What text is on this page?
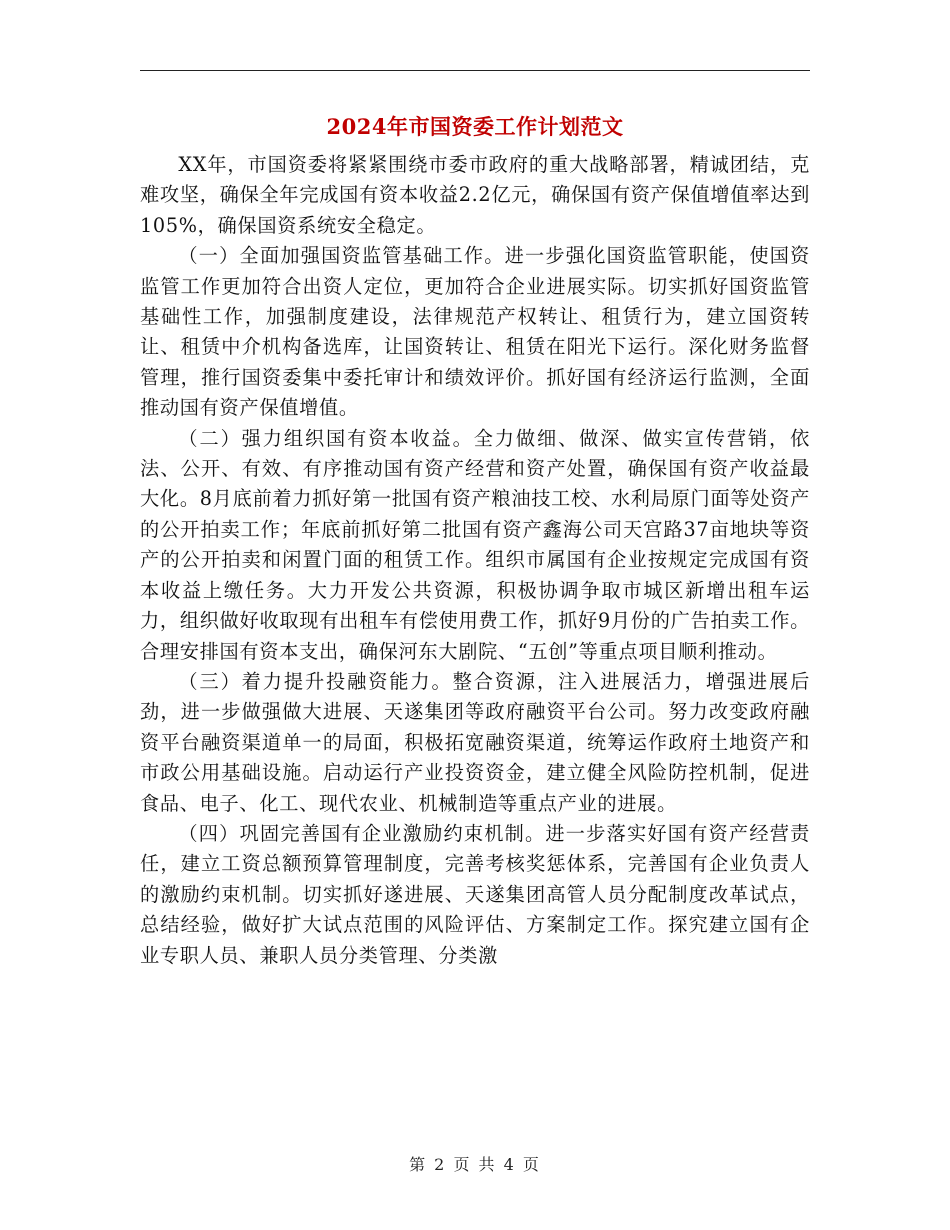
2024年市国资委工作计划范文

XX年，市国资委将紧紧围绕市委市政府的重大战略部署，精诚团结，克难攻坚，确保全年完成国有资本收益2.2亿元，确保国有资产保值增值率达到105%，确保国资系统安全稳定。

（一）全面加强国资监管基础工作。进一步强化国资监管职能，使国资监管工作更加符合出资人定位，更加符合企业进展实际。切实抓好国资监管基础性工作，加强制度建设，法律规范产权转让、租赁行为，建立国资转让、租赁中介机构备选库，让国资转让、租赁在阳光下运行。深化财务监督管理，推行国资委集中委托审计和绩效评价。抓好国有经济运行监测，全面推动国有资产保值增值。

（二）强力组织国有资本收益。全力做细、做深、做实宣传营销，依法、公开、有效、有序推动国有资产经营和资产处置，确保国有资产收益最大化。8月底前着力抓好第一批国有资产粮油技工校、水利局原门面等处资产的公开拍卖工作；年底前抓好第二批国有资产鑫海公司天宫路37亩地块等资产的公开拍卖和闲置门面的租赁工作。组织市属国有企业按规定完成国有资本收益上缴任务。大力开发公共资源，积极协调争取市城区新增出租车运力，组织做好收取现有出租车有偿使用费工作，抓好9月份的广告拍卖工作。合理安排国有资本支出，确保河东大剧院、“五创”等重点项目顺利推动。

（三）着力提升投融资能力。整合资源，注入进展活力，增强进展后劲，进一步做强做大进展、天遂集团等政府融资平台公司。努力改变政府融资平台融资渠道单一的局面，积极拓宽融资渠道，统筹运作政府土地资产和市政公用基础设施。启动运行产业投资资金，建立健全风险防控机制，促进食品、电子、化工、现代农业、机械制造等重点产业的进展。

（四）巩固完善国有企业激励约束机制。进一步落实好国有资产经营责任，建立工资总额预算管理制度，完善考核奖惩体系，完善国有企业负责人的激励约束机制。切实抓好遂进展、天遂集团高管人员分配制度改革试点，总结经验，做好扩大试点范围的风险评估、方案制定工作。探究建立国有企业专职人员、兼职人员分类管理、分类激

第 2 页 共 4 页
